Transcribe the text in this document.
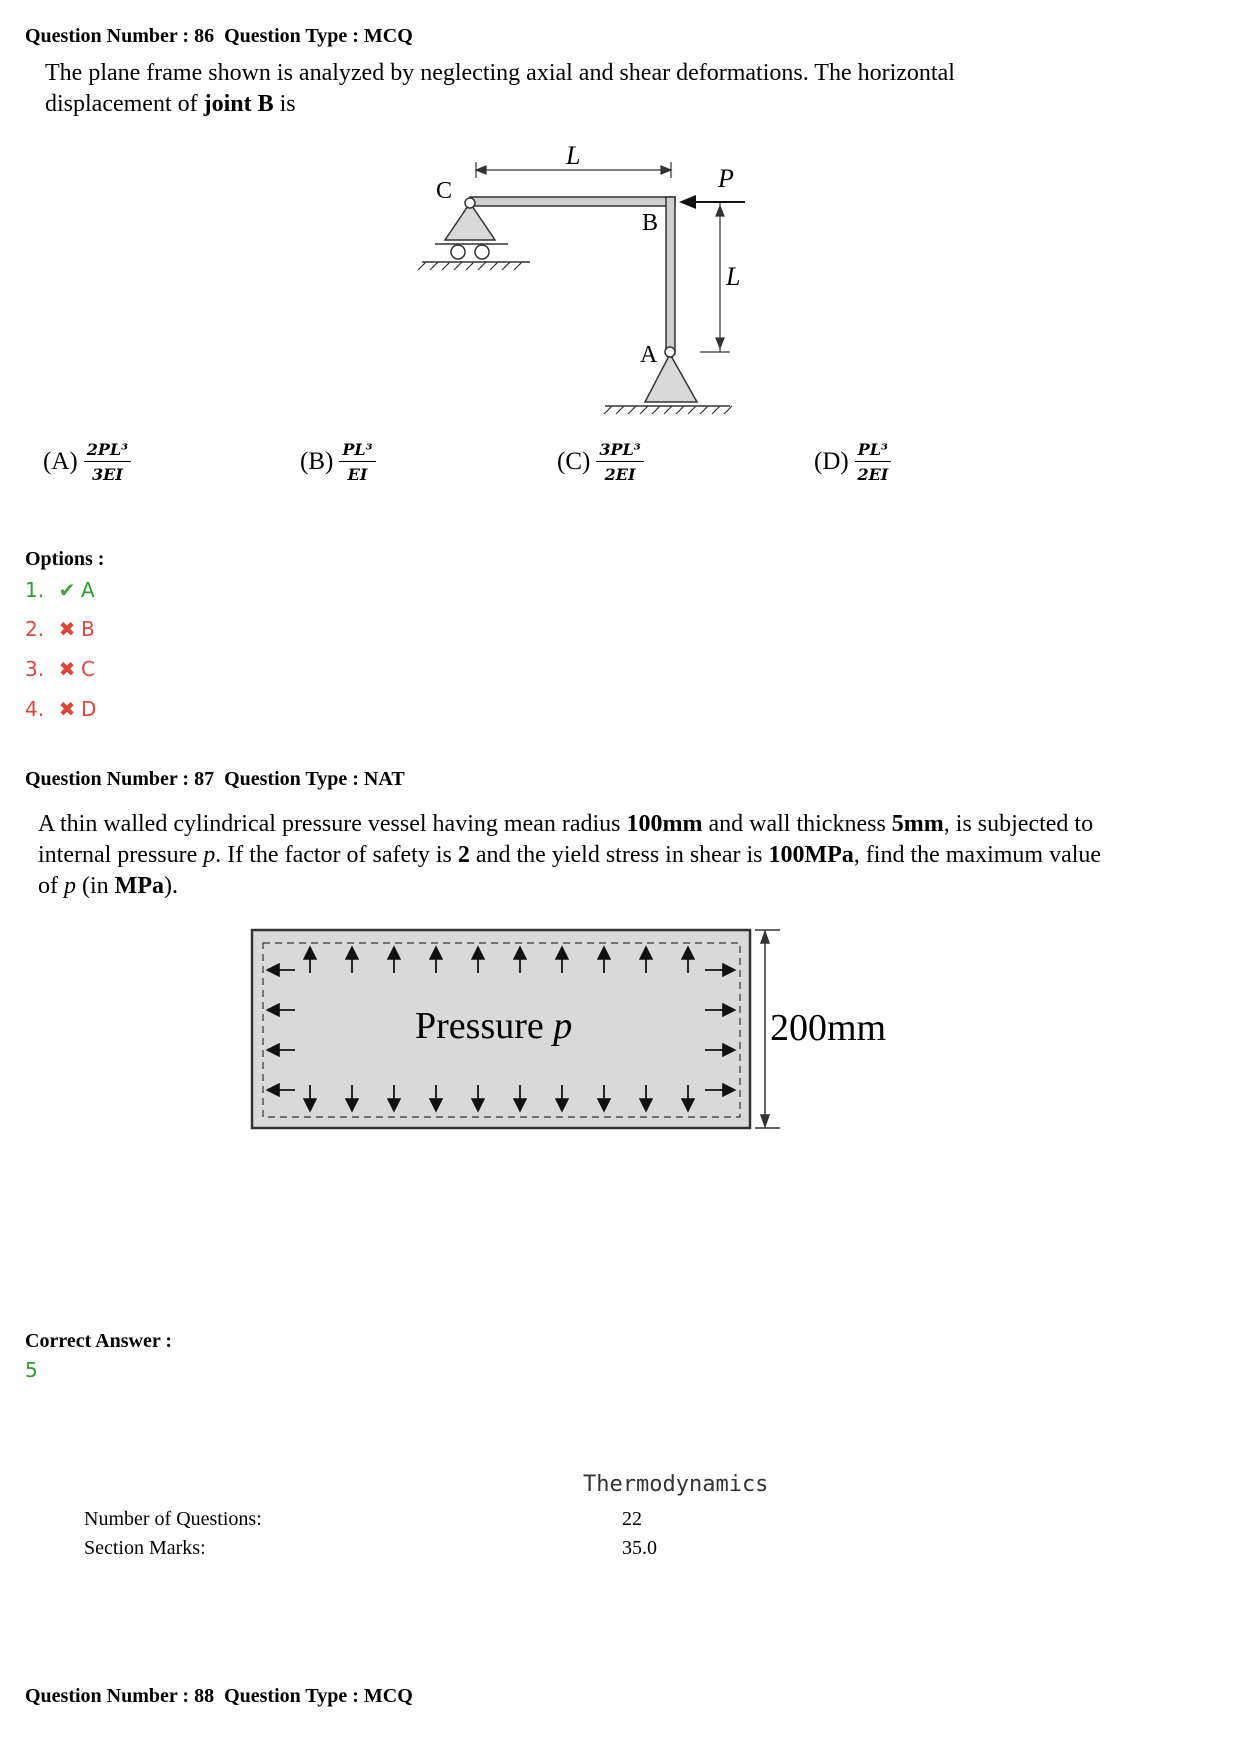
Question Number : 86  Question Type : MCQ
The plane frame shown is analyzed by neglecting axial and shear deformations. The horizontal displacement of joint B is
C
B
A
P
L
L
$(A) \frac{\text{2PL³}}{3EI}$	$(B) \frac{\text{PL³}}{EI}$	$(C) \frac{\text{3PL³}}{2EI}$	$(D) \frac{\text{PL³}}{2EI}$
Options :
1. ✔ A
2. ✖ B
3. ✖ C
4. ✖ D
Question Number : 87  Question Type : NAT
A thin walled cylindrical pressure vessel having mean radius 100mm and wall thickness 5mm, is subjected to internal pressure p. If the factor of safety is 2 and the yield stress in shear is 100MPa, find the maximum value of p (in MPa).
Pressure p	200mm
Correct Answer :
5
Thermodynamics
Number of Questions:	22
Section Marks:	35.0
Question Number : 88  Question Type : MCQ
